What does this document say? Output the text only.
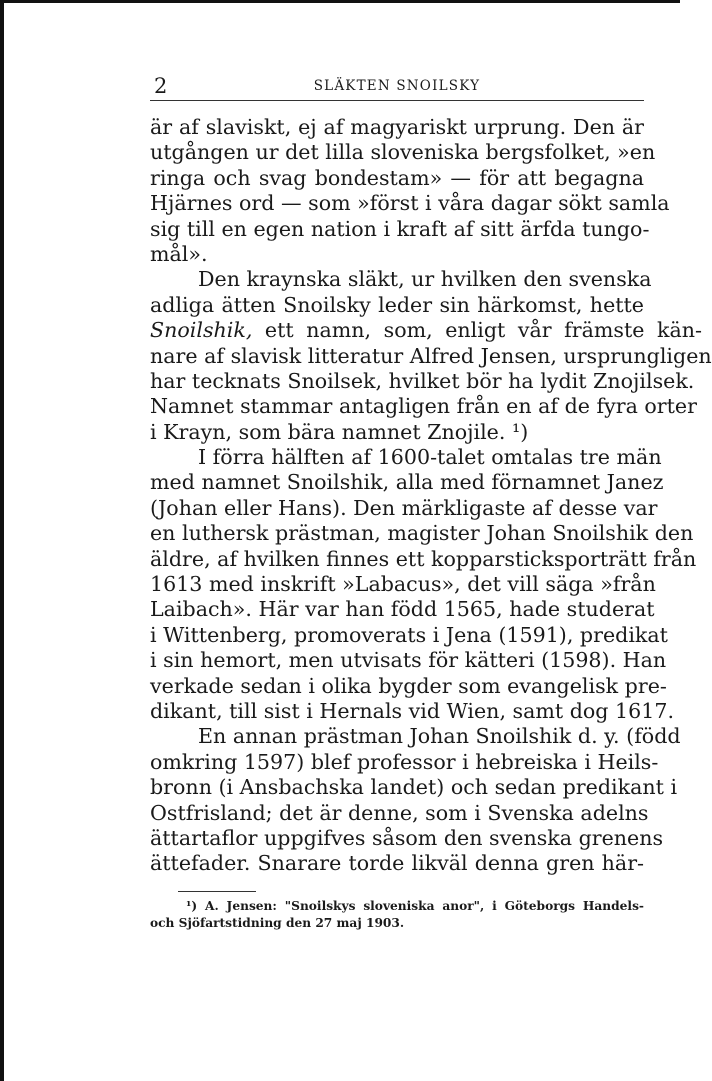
2	SLÄKTEN SNOILSKY
är af slaviskt, ej af magyariskt urprung. Den är
utgången ur det lilla sloveniska bergsfolket, »en
ringa och svag bondestam» — för att begagna
Hjärnes ord — som »först i våra dagar sökt samla
sig till en egen nation i kraft af sitt ärfda tungo-
mål».
Den kraynska släkt, ur hvilken den svenska
adliga ätten Snoilsky leder sin härkomst, hette
Snoilshik, ett namn, som, enligt vår främste kän-
nare af slavisk litteratur Alfred Jensen, ursprungligen
har tecknats Snoilsek, hvilket bör ha lydit Znojilsek.
Namnet stammar antagligen från en af de fyra orter
i Krayn, som bära namnet Znojile. ¹)
I förra hälften af 1600-talet omtalas tre män
med namnet Snoilshik, alla med förnamnet Janez
(Johan eller Hans). Den märkligaste af desse var
en luthersk prästman, magister Johan Snoilshik den
äldre, af hvilken finnes ett kopparsticksporträtt från
1613 med inskrift »Labacus», det vill säga »från
Laibach». Här var han född 1565, hade studerat
i Wittenberg, promoverats i Jena (1591), predikat
i sin hemort, men utvisats för kätteri (1598). Han
verkade sedan i olika bygder som evangelisk pre-
dikant, till sist i Hernals vid Wien, samt dog 1617.
En annan prästman Johan Snoilshik d. y. (född
omkring 1597) blef professor i hebreiska i Heils-
bronn (i Ansbachska landet) och sedan predikant i
Ostfrisland; det är denne, som i Svenska adelns
ättartaflor uppgifves såsom den svenska grenens
ättefader. Snarare torde likväl denna gren här-
¹) A. Jensen: "Snoilskys sloveniska anor", i Göteborgs Handels-
och Sjöfartstidning den 27 maj 1903.
